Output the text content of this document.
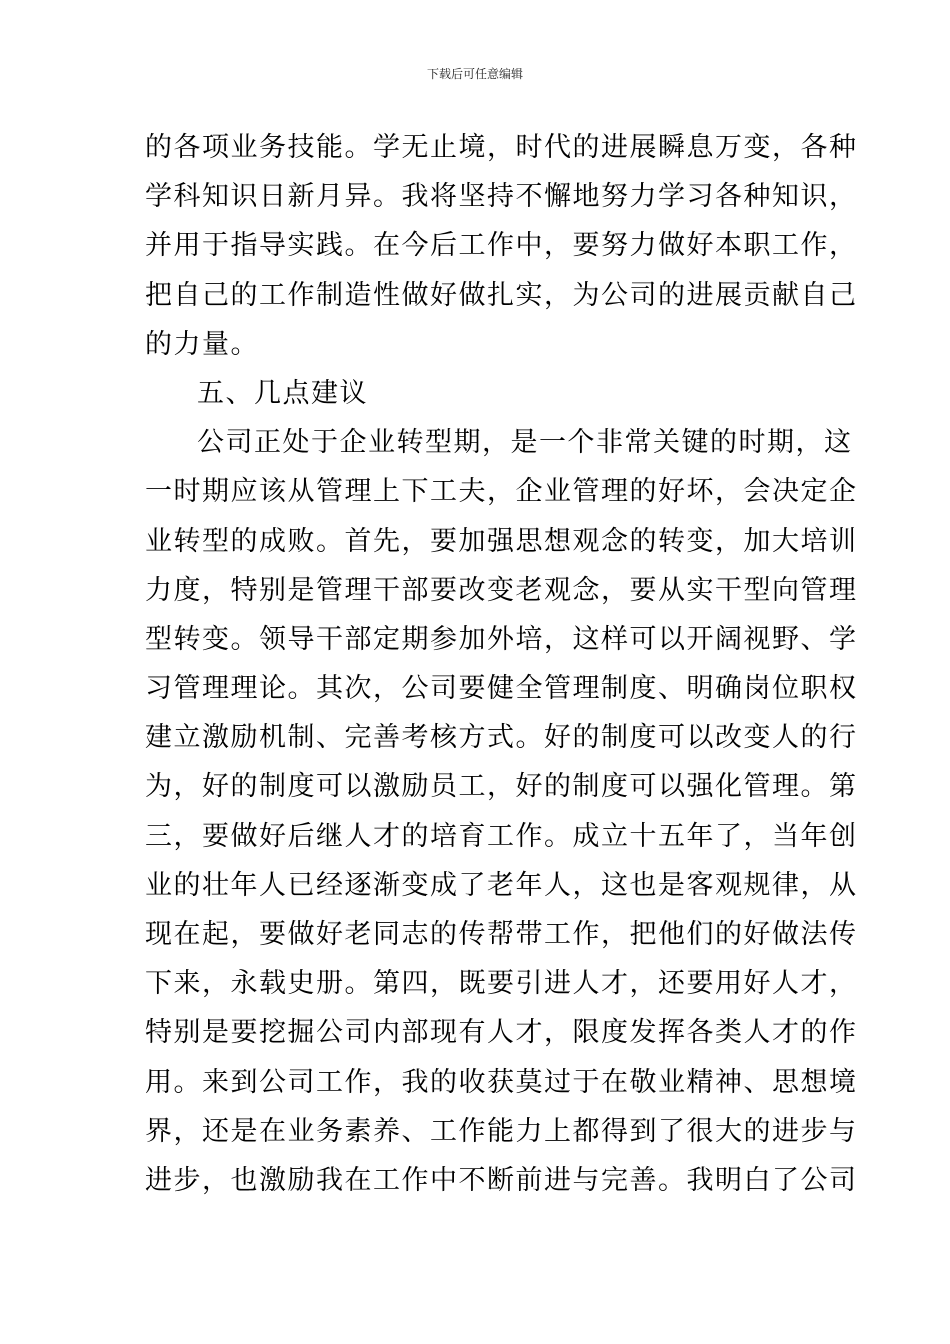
下载后可任意编辑
的各项业务技能。学无止境，时代的进展瞬息万变，各种
学科知识日新月异。我将坚持不懈地努力学习各种知识，
并用于指导实践。在今后工作中，要努力做好本职工作，
把自己的工作制造性做好做扎实，为公司的进展贡献自己
的力量。
五、几点建议
公司正处于企业转型期，是一个非常关键的时期，这
一时期应该从管理上下工夫，企业管理的好坏，会决定企
业转型的成败。首先，要加强思想观念的转变，加大培训
力度，特别是管理干部要改变老观念，要从实干型向管理
型转变。领导干部定期参加外培，这样可以开阔视野、学
习管理理论。其次，公司要健全管理制度、明确岗位职权
建立激励机制、完善考核方式。好的制度可以改变人的行
为，好的制度可以激励员工，好的制度可以强化管理。第
三，要做好后继人才的培育工作。成立十五年了，当年创
业的壮年人已经逐渐变成了老年人，这也是客观规律，从
现在起，要做好老同志的传帮带工作，把他们的好做法传
下来，永载史册。第四，既要引进人才，还要用好人才，
特别是要挖掘公司内部现有人才，限度发挥各类人才的作
用。来到公司工作，我的收获莫过于在敬业精神、思想境
界，还是在业务素养、工作能力上都得到了很大的进步与
进步，也激励我在工作中不断前进与完善。我明白了公司
